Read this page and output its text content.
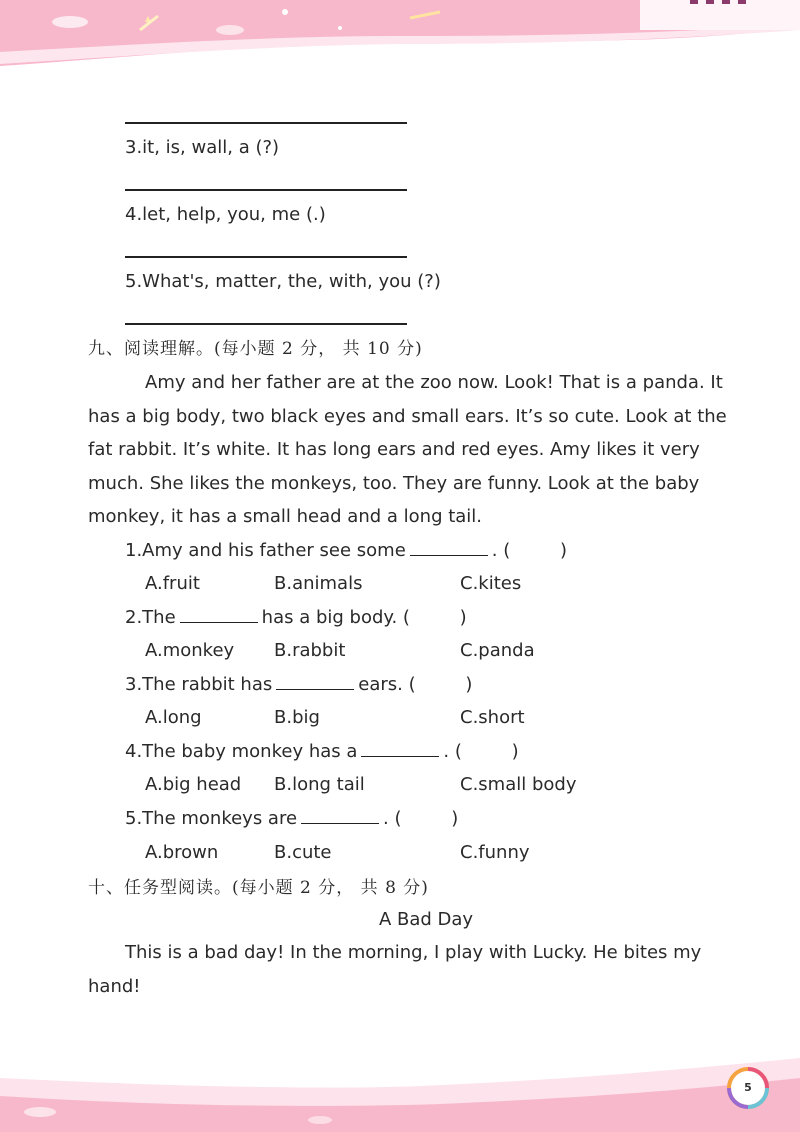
3.it, is, wall, a (?)
4.let, help, you, me (.)
5.What's, matter, the, with, you (?)
九、阅读理解。(每小题 2 分， 共 10 分)
Amy and her father are at the zoo now. Look! That is a panda. It
has a big body, two black eyes and small ears. It’s so cute. Look at the
fat rabbit. It’s white. It has long ears and red eyes. Amy likes it very
much. She likes the monkeys, too. They are funny. Look at the baby
monkey, it has a small head and a long tail.
1.Amy and his father see some	. ( )
A.fruit	B.animals	C.kites
2.The	has a big body. ( )
A.monkey B.rabbit	C.panda
3.The rabbit has	ears. ( )
A.long	B.big	C.short
4.The baby monkey has a	. ( )
A.big head B.long tail	C.small body
5.The monkeys are	. ( )
A.brown	B.cute	C.funny
十、任务型阅读。(每小题 2 分， 共 8 分)
A Bad Day
This is a bad day! In the morning, I play with Lucky. He bites my
hand!
5
